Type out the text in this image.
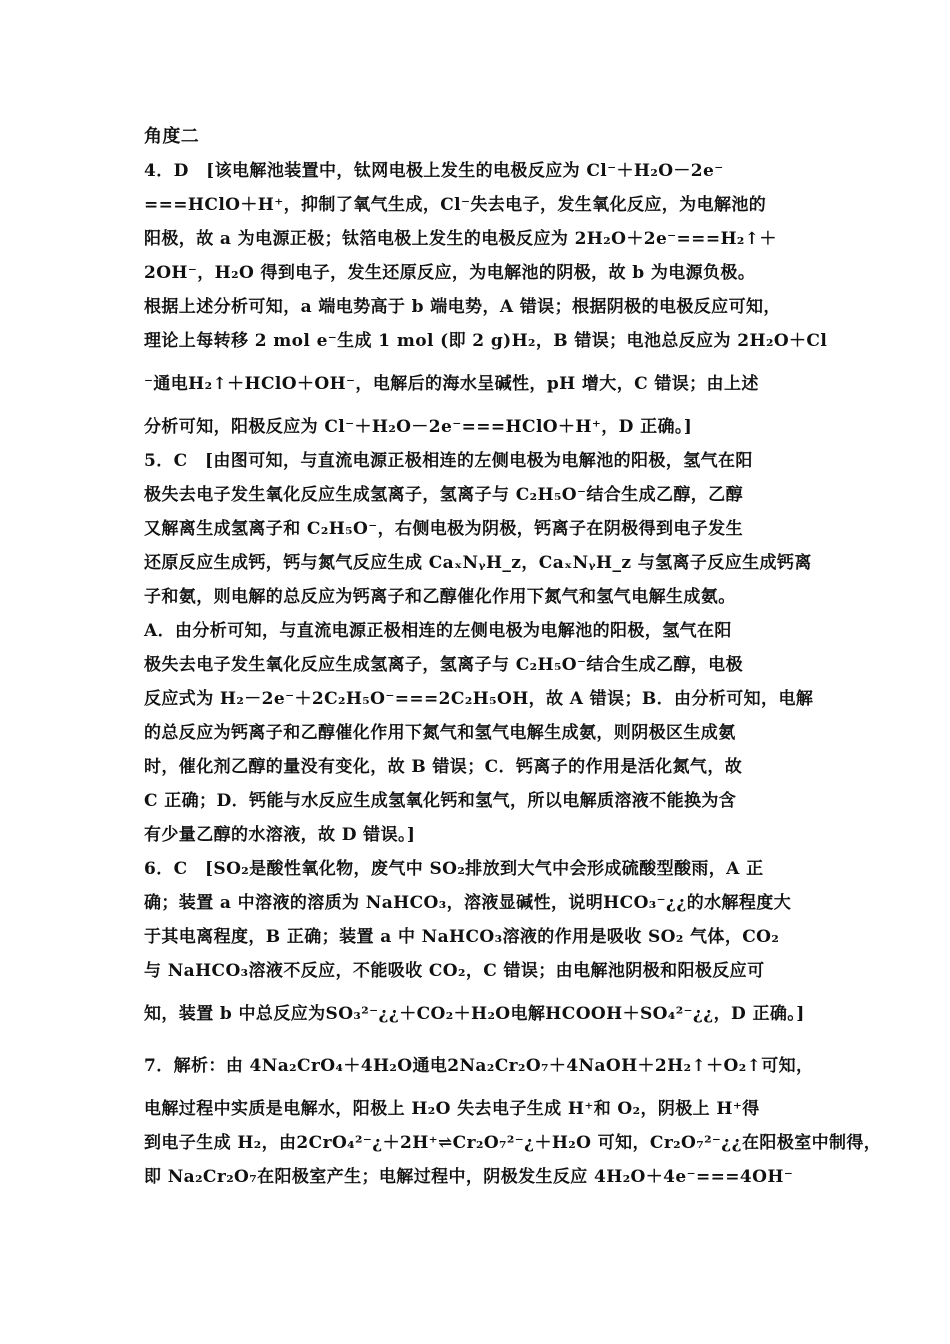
角度二
4．D　[该电解池装置中，钛网电极上发生的电极反应为 Cl⁻＋H₂O－2e⁻
===HClO＋H⁺，抑制了氧气生成，Cl⁻失去电子，发生氧化反应，为电解池的
阳极，故 a 为电源正极；钛箔电极上发生的电极反应为 2H₂O＋2e⁻===H₂↑＋
2OH⁻，H₂O 得到电子，发生还原反应，为电解池的阴极，故 b 为电源负极。
根据上述分析可知，a 端电势高于 b 端电势，A 错误；根据阴极的电极反应可知，
理论上每转移 2 mol e⁻生成 1 mol (即 2 g)H₂，B 错误；电池总反应为 2H₂O＋Cl
⁻通电H₂↑＋HClO＋OH⁻，电解后的海水呈碱性，pH 增大，C 错误；由上述
分析可知，阳极反应为 Cl⁻＋H₂O－2e⁻===HClO＋H⁺，D 正确。]
5．C　[由图可知，与直流电源正极相连的左侧电极为电解池的阳极，氢气在阳
极失去电子发生氧化反应生成氢离子，氢离子与 C₂H₅O⁻结合生成乙醇，乙醇
又解离生成氢离子和 C₂H₅O⁻，右侧电极为阴极，钙离子在阴极得到电子发生
还原反应生成钙，钙与氮气反应生成 CaₓNᵧH_z，CaₓNᵧH_z 与氢离子反应生成钙离
子和氨，则电解的总反应为钙离子和乙醇催化作用下氮气和氢气电解生成氨。
A．由分析可知，与直流电源正极相连的左侧电极为电解池的阳极，氢气在阳
极失去电子发生氧化反应生成氢离子，氢离子与 C₂H₅O⁻结合生成乙醇，电极
反应式为 H₂－2e⁻＋2C₂H₅O⁻===2C₂H₅OH，故 A 错误；B．由分析可知，电解
的总反应为钙离子和乙醇催化作用下氮气和氢气电解生成氨，则阴极区生成氨
时，催化剂乙醇的量没有变化，故 B 错误；C．钙离子的作用是活化氮气，故
C 正确；D．钙能与水反应生成氢氧化钙和氢气，所以电解质溶液不能换为含
有少量乙醇的水溶液，故 D 错误。]
6．C　[SO₂是酸性氧化物，废气中 SO₂排放到大气中会形成硫酸型酸雨，A 正
确；装置 a 中溶液的溶质为 NaHCO₃，溶液显碱性，说明HCO₃⁻¿¿的水解程度大
于其电离程度，B 正确；装置 a 中 NaHCO₃溶液的作用是吸收 SO₂ 气体，CO₂
与 NaHCO₃溶液不反应，不能吸收 CO₂，C 错误；由电解池阴极和阳极反应可
知，装置 b 中总反应为SO₃²⁻¿¿＋CO₂＋H₂O电解HCOOH＋SO₄²⁻¿¿，D 正确。]
7．解析：由 4Na₂CrO₄＋4H₂O通电2Na₂Cr₂O₇＋4NaOH＋2H₂↑＋O₂↑可知，
电解过程中实质是电解水，阳极上 H₂O 失去电子生成 H⁺和 O₂，阴极上 H⁺得
到电子生成 H₂，由2CrO₄²⁻¿＋2H⁺⇌Cr₂O₇²⁻¿＋H₂O 可知，Cr₂O₇²⁻¿¿在阳极室中制得，
即 Na₂Cr₂O₇在阳极室产生；电解过程中，阴极发生反应 4H₂O＋4e⁻===4OH⁻
